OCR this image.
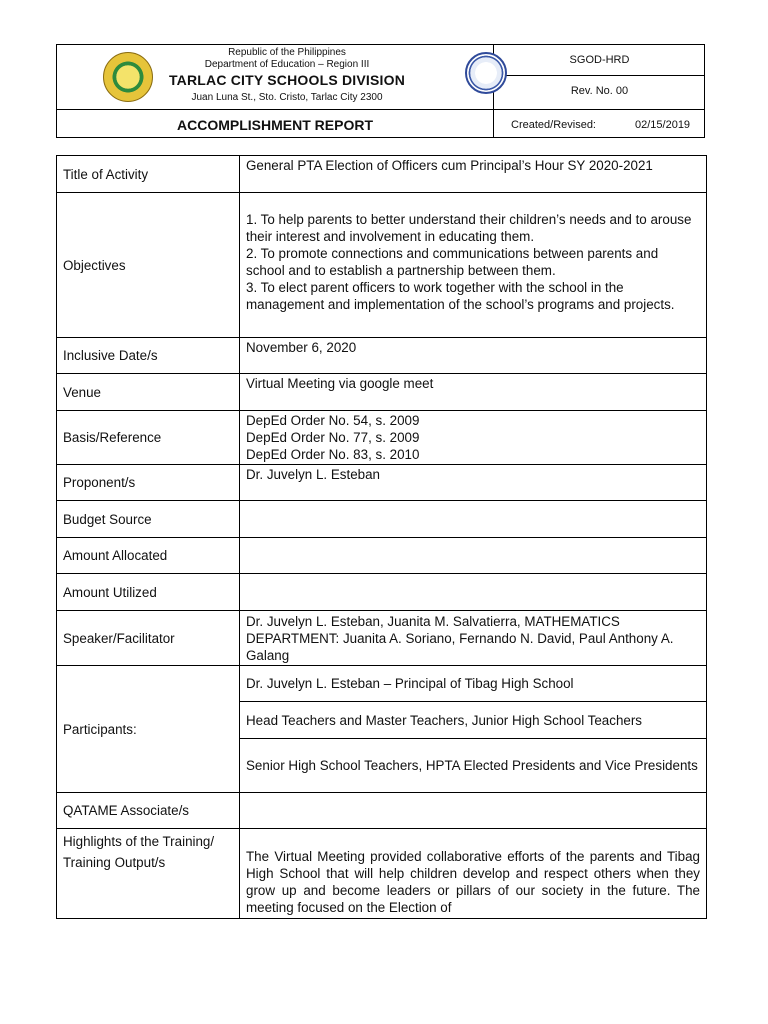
Republic of the Philippines
Department of Education – Region III
TARLAC CITY SCHOOLS DIVISION
Juan Luna St., Sto. Cristo, Tarlac City 2300
SGOD-HRD
Rev. No. 00
ACCOMPLISHMENT REPORT	Created/Revised:	02/15/2019
Title of Activity	General PTA Election of Officers cum Principal’s Hour SY 2020-2021
Objectives	1. To help parents to better understand their children’s needs and to arouse their interest and involvement in educating them.
2. To promote connections and communications between parents and school and to establish a partnership between them.
3. To elect parent officers to work together with the school in the management and implementation of the school’s programs and projects.

Inclusive Date/s	November 6, 2020
Venue	Virtual Meeting via google meet
Basis/Reference	DepEd Order No. 54, s. 2009
DepEd Order No. 77, s. 2009
DepEd Order No. 83, s. 2010

Proponent/s	Dr. Juvelyn L. Esteban
Budget Source	
Amount Allocated	
Amount Utilized	
Speaker/Facilitator	Dr. Juvelyn L. Esteban, Juanita M. Salvatierra, MATHEMATICS DEPARTMENT: Juanita A. Soriano, Fernando N. David, Paul Anthony A. Galang
Participants:	Dr. Juvelyn L. Esteban – Principal of Tibag High School
	Head Teachers and Master Teachers, Junior High School Teachers
	Senior High School Teachers, HPTA Elected Presidents and Vice Presidents
QATAME Associate/s	

Highlights of the Training/
Training Output/s	The Virtual Meeting provided collaborative efforts of the parents and Tibag High School that will help children develop and respect others when they grow up and become leaders or pillars of our society in the future. The meeting focused on the Election of
